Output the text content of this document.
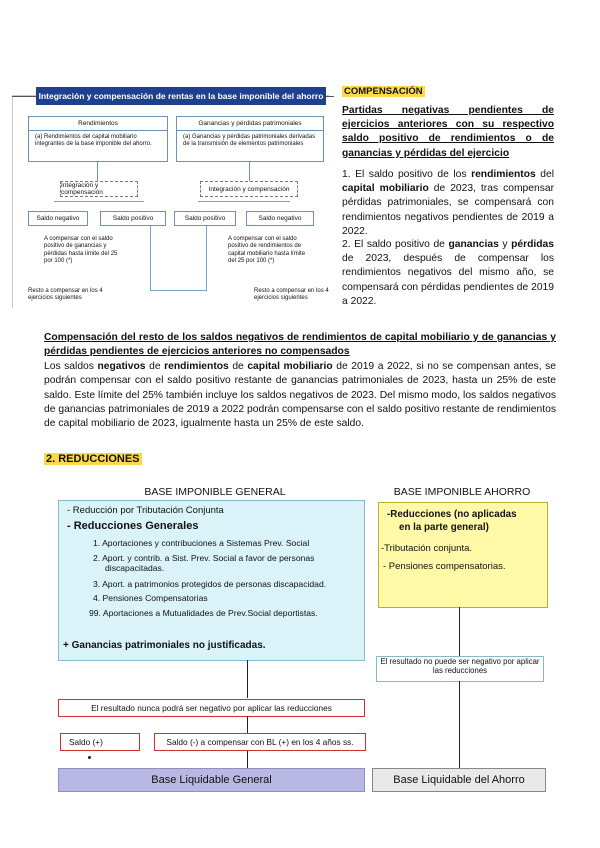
Integración y compensación de rentas en la base imponible del ahorro
Rendimientos
(a) Rendimientos del capital mobiliario integrantes de la base imponible del ahorro.
Ganancias y pérdidas patrimoniales
(a) Ganancias y pérdidas patrimoniales derivadas de la transmisión de elementos patrimoniales
Integración y compensación	Integración y compensación
Saldo negativo	Saldo positivo	Saldo positivo	Saldo negativo
A compensar con el saldo positivo de ganancias y pérdidas hasta límite del 25 por 100 (*)
A compensar con el saldo positivo de rendimientos de capital mobiliario hasta límite del 25 por 100 (*)
Resto a compensar en los 4 ejercicios siguientes
Resto a compensar en los 4 ejercicios siguientes
COMPENSACIÓN
Partidas negativas pendientes de ejercicios anteriores con su respectivo saldo positivo de rendimientos o de ganancias y pérdidas del ejercicio
1. El saldo positivo de los rendimientos del capital mobiliario de 2023, tras compensar pérdidas patrimoniales, se compensará con rendimientos negativos pendientes de 2019 a 2022.
2. El saldo positivo de ganancias y pérdidas de 2023, después de compensar los rendimientos negativos del mismo año, se compensará con pérdidas pendientes de 2019 a 2022.
Compensación del resto de los saldos negativos de rendimientos de capital mobiliario y de ganancias y pérdidas pendientes de ejercicios anteriores no compensados
Los saldos negativos de rendimientos de capital mobiliario de 2019 a 2022, si no se compensan antes, se podrán compensar con el saldo positivo restante de ganancias patrimoniales de 2023, hasta un 25% de este saldo. Este límite del 25% también incluye los saldos negativos de 2023. Del mismo modo, los saldos negativos de ganancias patrimoniales de 2019 a 2022 podrán compensarse con el saldo positivo restante de rendimientos de capital mobiliario de 2023, igualmente hasta un 25% de este saldo.
2. REDUCCIONES
BASE IMPONIBLE GENERAL	BASE IMPONIBLE AHORRO
- Reducción por Tributación Conjunta
- Reducciones Generales
1. Aportaciones y contribuciones a Sistemas Prev. Social
2. Aport. y contrib. a Sist. Prev. Social a favor de personas
discapacitadas.
3. Aport. a patrimonios protegidos de personas discapacidad.
4. Pensiones Compensatorias
99. Aportaciones a Mutualidades de Prev.Social deportistas.
+ Ganancias patrimoniales no justificadas.
-Reducciones (no aplicadas
en la parte general)
-Tributación conjunta.
- Pensiones compensatorias.
El resultado no puede ser negativo por aplicar las reducciones
El resultado nunca podrá ser negativo por aplicar las reducciones
Saldo (+)	Saldo (-) a compensar con BL (+) en los 4 años ss.
Base Liquidable General	Base Liquidable del Ahorro
